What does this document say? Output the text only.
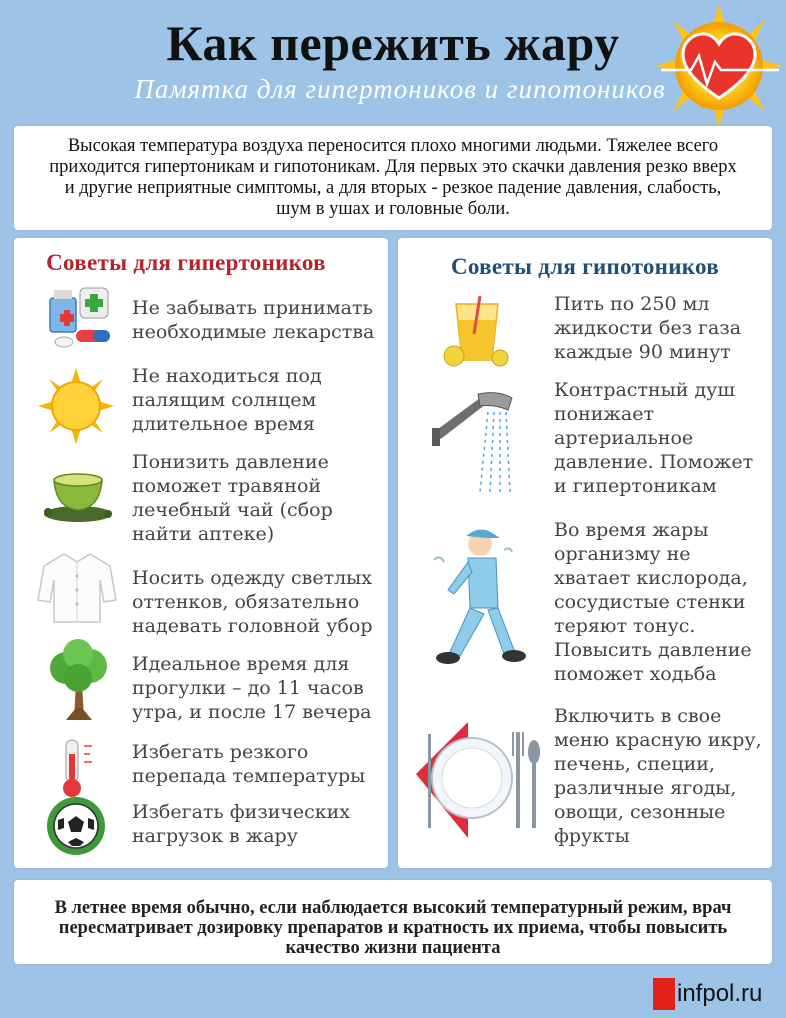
Как пережить жару
Памятка для гипертоников и гипотоников

Высокая температура воздуха переносится плохо многими людьми. Тяжелее всего приходится гипертоникам и гипотоникам. Для первых это скачки давления резко вверх и другие неприятные симптомы, а для вторых - резкое падение давления, слабость, шум в ушах и головные боли.

Советы для гипертоников
Не забывать принимать необходимые лекарства
Не находиться под палящим солнцем длительное время
Понизить давление поможет травяной лечебный чай (сбор найти аптеке)
Носить одежду светлых оттенков, обязательно надевать головной убор
Идеальное время для прогулки – до 11 часов утра, и после 17 вечера
Избегать резкого перепада температуры
Избегать физических нагрузок в жару
Советы для гипотоников
Пить по 250 мл жидкости без газа каждые 90 минут
Контрастный душ понижает артериальное давление. Поможет и гипертоникам
Во время жары организму не хватает кислорода, сосудистые стенки теряют тонус. Повысить давление поможет ходьба
Включить в свое меню красную икру, печень, специи, различные ягоды, овощи, сезонные фрукты

В летнее время обычно, если наблюдается высокий температурный режим, врач пересматривает дозировку препаратов и кратность их приема, чтобы повысить качество жизни пациента

infpol.ru
